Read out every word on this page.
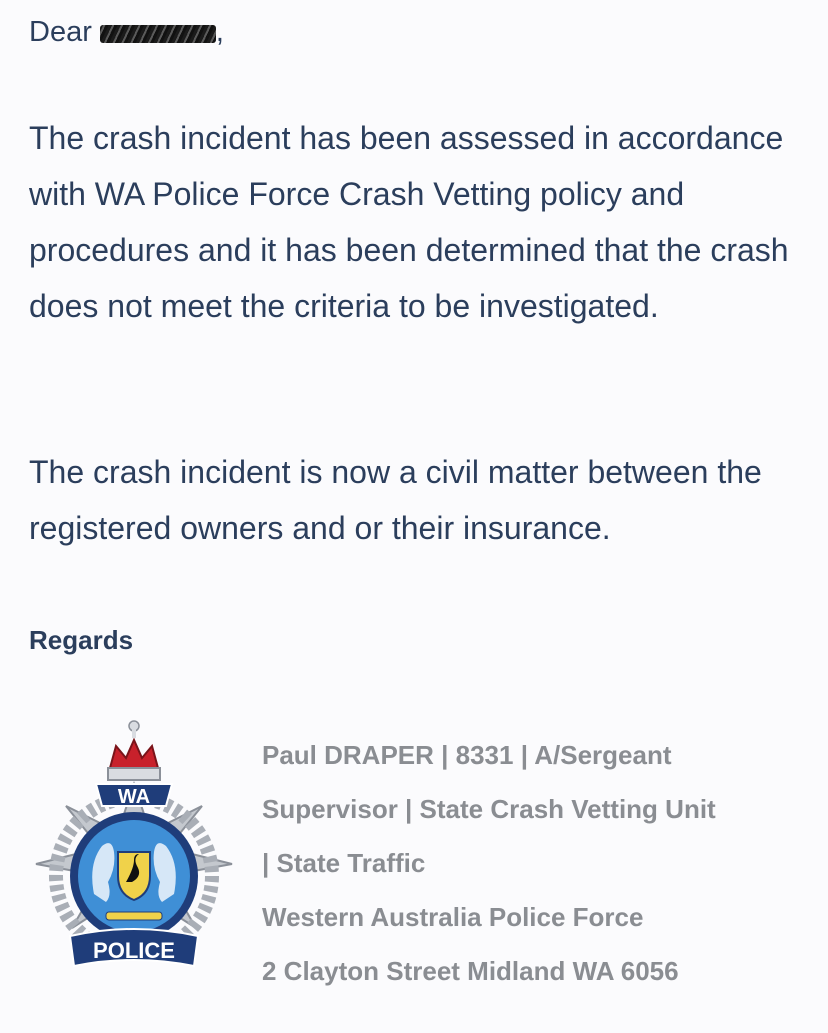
Dear	,

The crash incident has been assessed in accordance with WA Police Force Crash Vetting policy and procedures and it has been determined that the crash does not meet the criteria to be investigated.

The crash incident is now a civil matter between the registered owners and or their insurance.

Regards
WA
POLICE
Paul DRAPER | 8331 | A/Sergeant
Supervisor | State Crash Vetting Unit
| State Traffic
Western Australia Police Force
2 Clayton Street Midland WA 6056
